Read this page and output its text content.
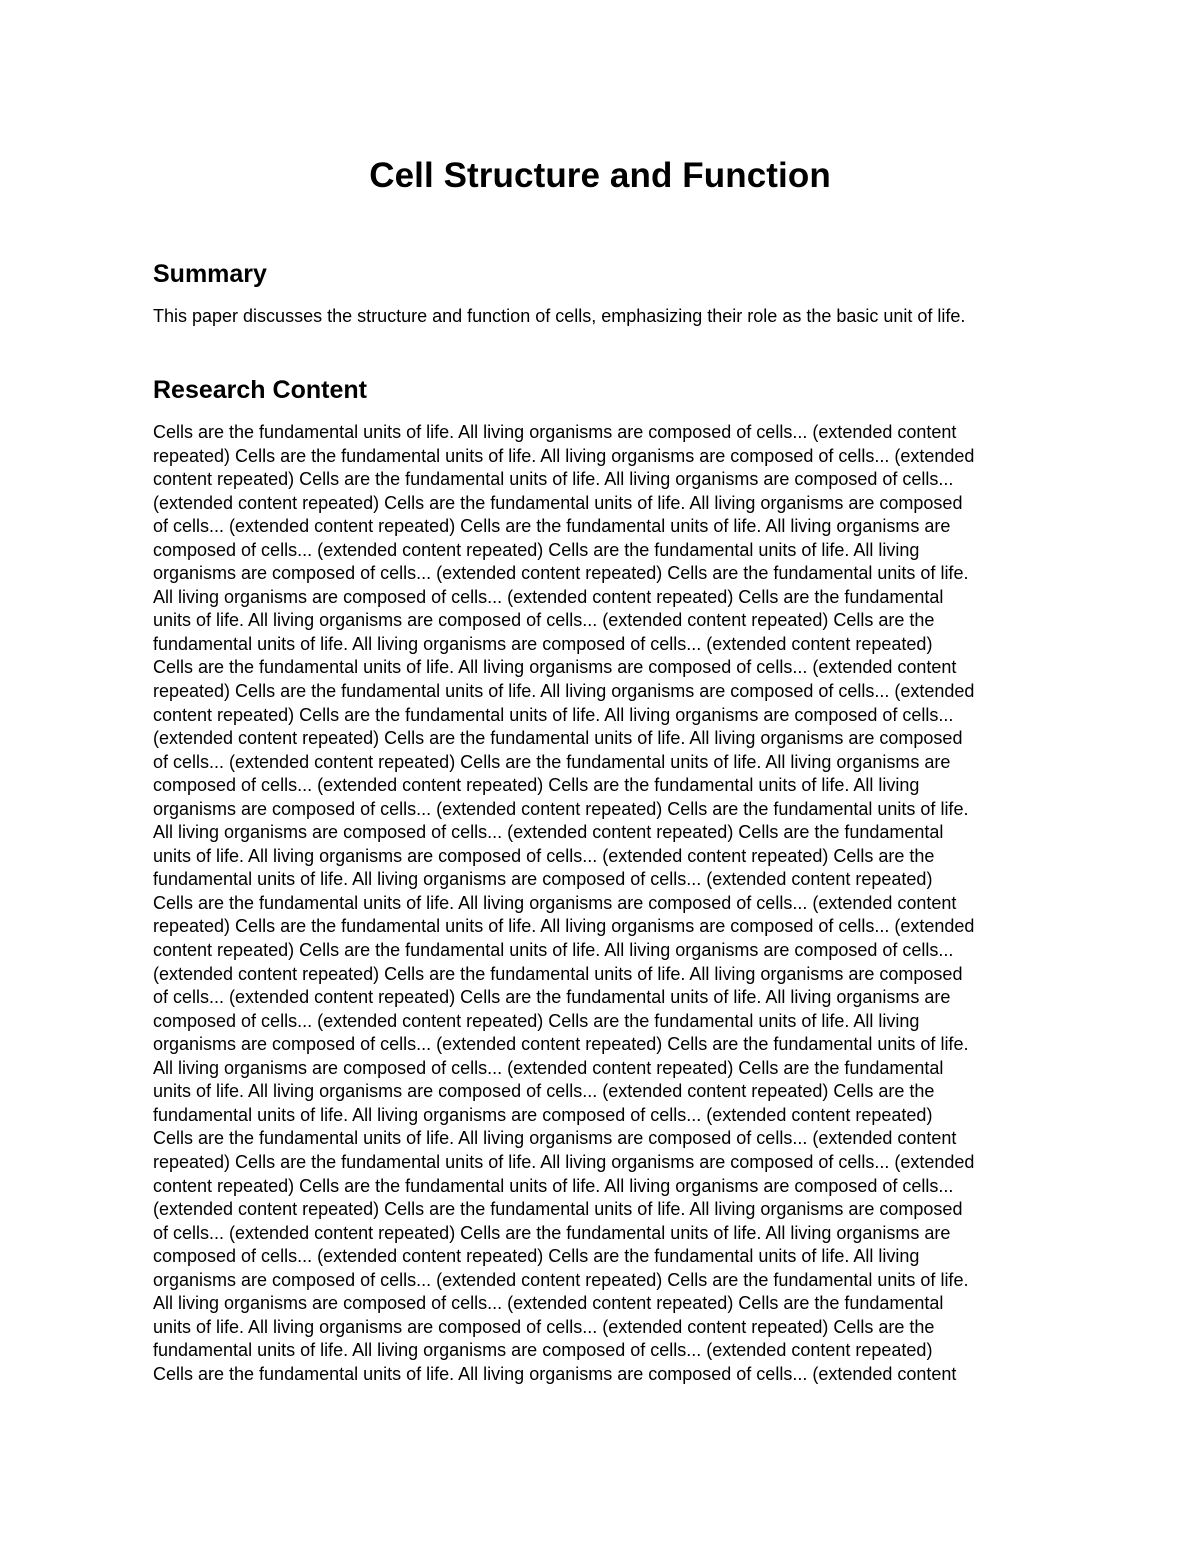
Cell Structure and Function
Summary

This paper discusses the structure and function of cells, emphasizing their role as the basic unit of life.

Research Content
Cells are the fundamental units of life. All living organisms are composed of cells... (extended content
repeated) Cells are the fundamental units of life. All living organisms are composed of cells... (extended
content repeated) Cells are the fundamental units of life. All living organisms are composed of cells...
(extended content repeated) Cells are the fundamental units of life. All living organisms are composed
of cells... (extended content repeated) Cells are the fundamental units of life. All living organisms are
composed of cells... (extended content repeated) Cells are the fundamental units of life. All living
organisms are composed of cells... (extended content repeated) Cells are the fundamental units of life.
All living organisms are composed of cells... (extended content repeated) Cells are the fundamental
units of life. All living organisms are composed of cells... (extended content repeated) Cells are the
fundamental units of life. All living organisms are composed of cells... (extended content repeated)
Cells are the fundamental units of life. All living organisms are composed of cells... (extended content
repeated) Cells are the fundamental units of life. All living organisms are composed of cells... (extended
content repeated) Cells are the fundamental units of life. All living organisms are composed of cells...
(extended content repeated) Cells are the fundamental units of life. All living organisms are composed
of cells... (extended content repeated) Cells are the fundamental units of life. All living organisms are
composed of cells... (extended content repeated) Cells are the fundamental units of life. All living
organisms are composed of cells... (extended content repeated) Cells are the fundamental units of life.
All living organisms are composed of cells... (extended content repeated) Cells are the fundamental
units of life. All living organisms are composed of cells... (extended content repeated) Cells are the
fundamental units of life. All living organisms are composed of cells... (extended content repeated)
Cells are the fundamental units of life. All living organisms are composed of cells... (extended content
repeated) Cells are the fundamental units of life. All living organisms are composed of cells... (extended
content repeated) Cells are the fundamental units of life. All living organisms are composed of cells...
(extended content repeated) Cells are the fundamental units of life. All living organisms are composed
of cells... (extended content repeated) Cells are the fundamental units of life. All living organisms are
composed of cells... (extended content repeated) Cells are the fundamental units of life. All living
organisms are composed of cells... (extended content repeated) Cells are the fundamental units of life.
All living organisms are composed of cells... (extended content repeated) Cells are the fundamental
units of life. All living organisms are composed of cells... (extended content repeated) Cells are the
fundamental units of life. All living organisms are composed of cells... (extended content repeated)
Cells are the fundamental units of life. All living organisms are composed of cells... (extended content
repeated) Cells are the fundamental units of life. All living organisms are composed of cells... (extended
content repeated) Cells are the fundamental units of life. All living organisms are composed of cells...
(extended content repeated) Cells are the fundamental units of life. All living organisms are composed
of cells... (extended content repeated) Cells are the fundamental units of life. All living organisms are
composed of cells... (extended content repeated) Cells are the fundamental units of life. All living
organisms are composed of cells... (extended content repeated) Cells are the fundamental units of life.
All living organisms are composed of cells... (extended content repeated) Cells are the fundamental
units of life. All living organisms are composed of cells... (extended content repeated) Cells are the
fundamental units of life. All living organisms are composed of cells... (extended content repeated)
Cells are the fundamental units of life. All living organisms are composed of cells... (extended content
